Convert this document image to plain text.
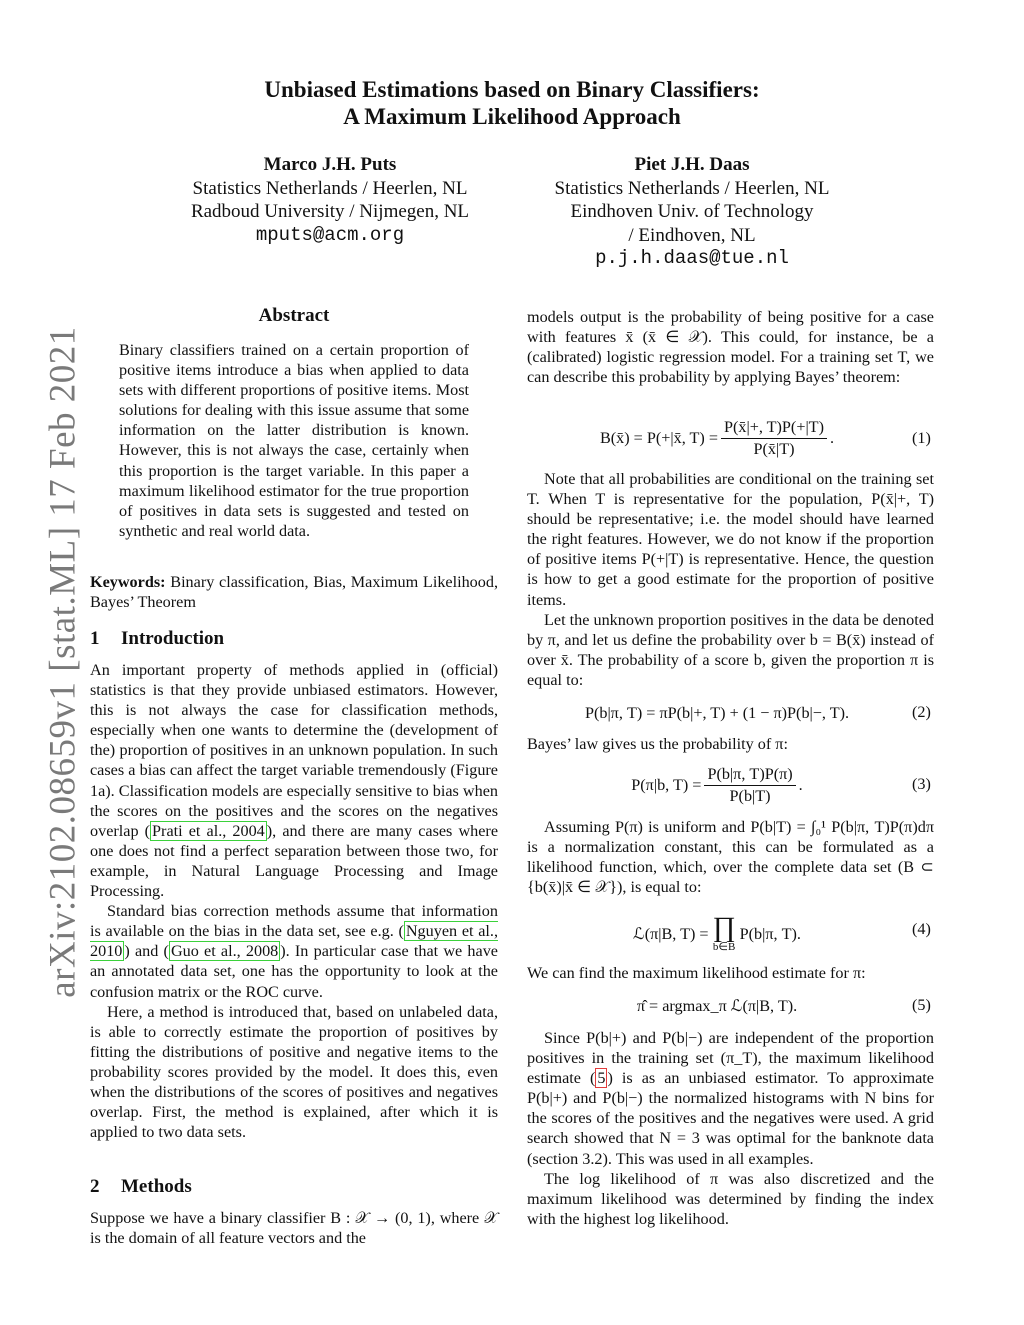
arXiv:2102.08659v1 [stat.ML] 17 Feb 2021
Unbiased Estimations based on Binary Classifiers:
A Maximum Likelihood Approach
Marco J.H. Puts
Statistics Netherlands / Heerlen, NL
Radboud University / Nijmegen, NL
mputs@acm.org
Piet J.H. Daas
Statistics Netherlands / Heerlen, NL
Eindhoven Univ. of Technology
/ Eindhoven, NL
p.j.h.daas@tue.nl
Abstract

Binary classifiers trained on a certain proportion of positive items introduce a bias when applied to data sets with different proportions of positive items. Most solutions for dealing with this issue assume that some information on the latter distribution is known. However, this is not always the case, certainly when this proportion is the target variable. In this paper a maximum likelihood estimator for the true proportion of positives in data sets is suggested and tested on synthetic and real world data.

Keywords: Binary classification, Bias, Maximum Likelihood, Bayes’ Theorem

1 Introduction

An important property of methods applied in (official) statistics is that they provide unbiased estimators. However, this is not always the case for classification methods, especially when one wants to determine the (development of the) proportion of positives in an unknown population. In such cases a bias can affect the target variable tremendously (Figure 1a). Classification models are especially sensitive to bias when the scores on the positives and the scores on the negatives overlap ( Prati et al., 2004 ), and there are many cases where one does not find a perfect separation between those two, for example, in Natural Language Processing and Image Processing.

Standard bias correction methods assume that information is available on the bias in the data set, see e.g. ( Nguyen et al., 2010 ) and ( Guo et al., 2008 ). In particular case that we have an annotated data set, one has the opportunity to look at the confusion matrix or the ROC curve.

Here, a method is introduced that, based on unlabeled data, is able to correctly estimate the proportion of positives by fitting the distributions of positive and negative items to the probability scores provided by the model. It does this, even when the distributions of the scores of positives and negatives overlap. First, the method is explained, after which it is applied to two data sets.

2 Methods

Suppose we have a binary classifier B : 𝒳 → (0, 1), where 𝒳 is the domain of all feature vectors and the

models output is the probability of being positive for a case with features x̄ (x̄ ∈ 𝒳). This could, for instance, be a (calibrated) logistic regression model. For a training set T, we can describe this probability by applying Bayes’ theorem:

B(x̄) = P(+|x̄, $T) = \frac{P(x̄|+, T)P(+|T)}{P(x̄|T)}$ .	(1)

Note that all probabilities are conditional on the training set T. When T is representative for the population, P(x̄|+, T) should be representative; i.e. the model should have learned the right features. However, we do not know if the proportion of positive items P(+|T) is representative. Hence, the question is how to get a good estimate for the proportion of positive items.

Let the unknown proportion positives in the data be denoted by π, and let us define the probability over b = B(x̄) instead of over x̄. The probability of a score b, given the proportion π is equal to:

P(b|π, T) = πP(b|+, T) + (1 − π)P(b|−, T).	(2)

Bayes’ law gives us the probability of π:

P(π|b, $T) = \frac{P(b|\pi, T)P(\pi)}{P(b|T)}$ .	(3)

Assuming P(π) is uniform and P(b|T) = ∫₀¹ P(b|π, T)P(π)dπ is a normalization constant, this can be formulated as a likelihood function, which, over the complete data set (B ⊂ {b(x̄)|x̄ ∈ 𝒳}), is equal to:

ℒ(π|B, T) = ∏
b∈B
P(b|π, T).	(4)

We can find the maximum likelihood estimate for π:

π̂ = argmax_π ℒ(π|B, T).	(5)

Since P(b|+) and P(b|−) are independent of the proportion positives in the training set (π_T), the maximum likelihood estimate ( 5 ) is as an unbiased estimator. To approximate P(b|+) and P(b|−) the normalized histograms with N bins for the scores of the positives and the negatives were used. A grid search showed that N = 3 was optimal for the banknote data (section 3.2). This was used in all examples.

The log likelihood of π was also discretized and the maximum likelihood was determined by finding the index with the highest log likelihood.
